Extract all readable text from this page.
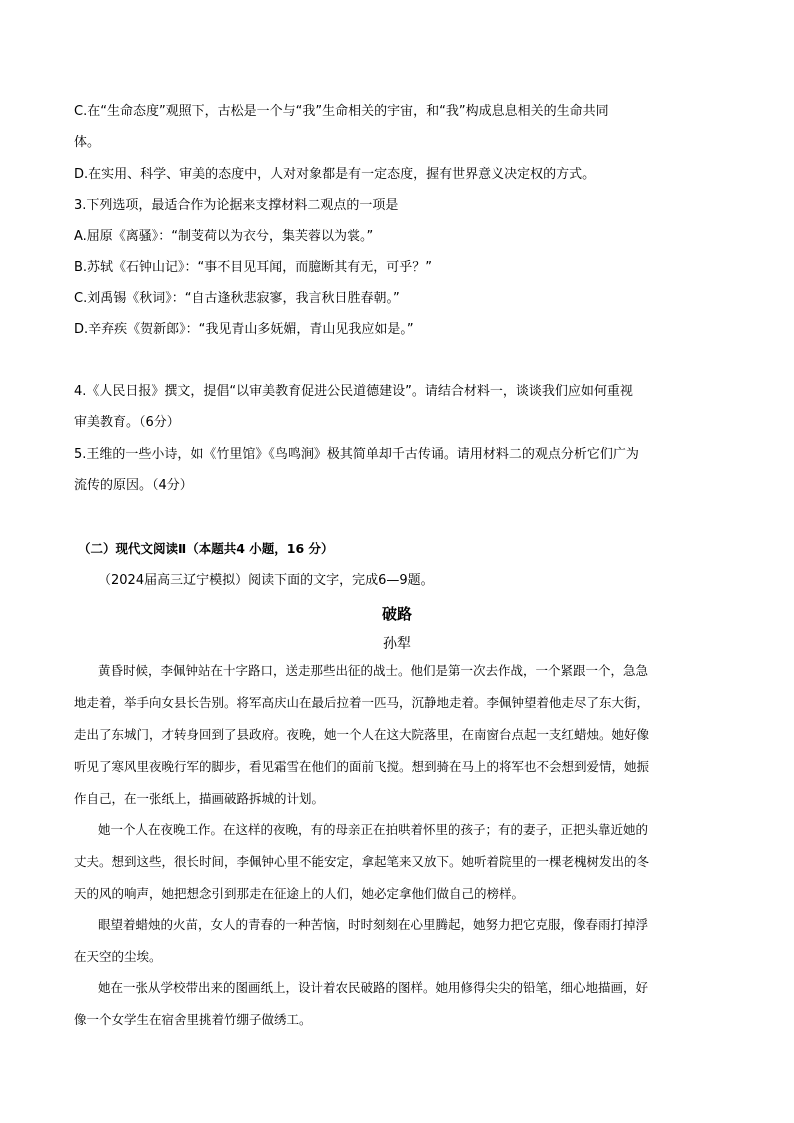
C.在“生命态度”观照下，古松是一个与“我”生命相关的宇宙，和“我”构成息息相关的生命共同
体。
D.在实用、科学、审美的态度中，人对对象都是有一定态度，握有世界意义决定权的方式。
3.下列选项，最适合作为论据来支撑材料二观点的一项是
A.屈原《离骚》：“制芰荷以为衣兮，集芙蓉以为裳。”
B.苏轼《石钟山记》：“事不目见耳闻，而臆断其有无，可乎？”
C.刘禹锡《秋词》：“自古逢秋悲寂寥，我言秋日胜春朝。”
D.辛弃疾《贺新郎》：“我见青山多妩媚，青山见我应如是。”
4.《人民日报》撰文，提倡“以审美教育促进公民道德建设”。请结合材料一，谈谈我们应如何重视
审美教育。（6分）
5.王维的一些小诗，如《竹里馆》《鸟鸣涧》极其简单却千古传诵。请用材料二的观点分析它们广为
流传的原因。（4分）
（二）现代文阅读Ⅱ（本题共4 小题，16 分）
（2024届高三辽宁模拟）阅读下面的文字，完成6—9题。
破路
孙犁
黄昏时候，李佩钟站在十字路口，送走那些出征的战士。他们是第一次去作战，一个紧跟一个，急急
地走着，举手向女县长告别。将军高庆山在最后拉着一匹马，沉静地走着。李佩钟望着他走尽了东大街，
走出了东城门，才转身回到了县政府。夜晚，她一个人在这大院落里，在南窗台点起一支红蜡烛。她好像
听见了寒风里夜晚行军的脚步，看见霜雪在他们的面前飞搅。想到骑在马上的将军也不会想到爱情，她振
作自己，在一张纸上，描画破路拆城的计划。
她一个人在夜晚工作。在这样的夜晚，有的母亲正在拍哄着怀里的孩子；有的妻子，正把头靠近她的
丈夫。想到这些，很长时间，李佩钟心里不能安定，拿起笔来又放下。她听着院里的一棵老槐树发出的冬
天的风的响声，她把想念引到那走在征途上的人们，她必定拿他们做自己的榜样。
眼望着蜡烛的火苗，女人的青春的一种苦恼，时时刻刻在心里腾起，她努力把它克服，像春雨打掉浮
在天空的尘埃。
她在一张从学校带出来的图画纸上，设计着农民破路的图样。她用修得尖尖的铅笔，细心地描画，好
像一个女学生在宿舍里挑着竹绷子做绣工。
